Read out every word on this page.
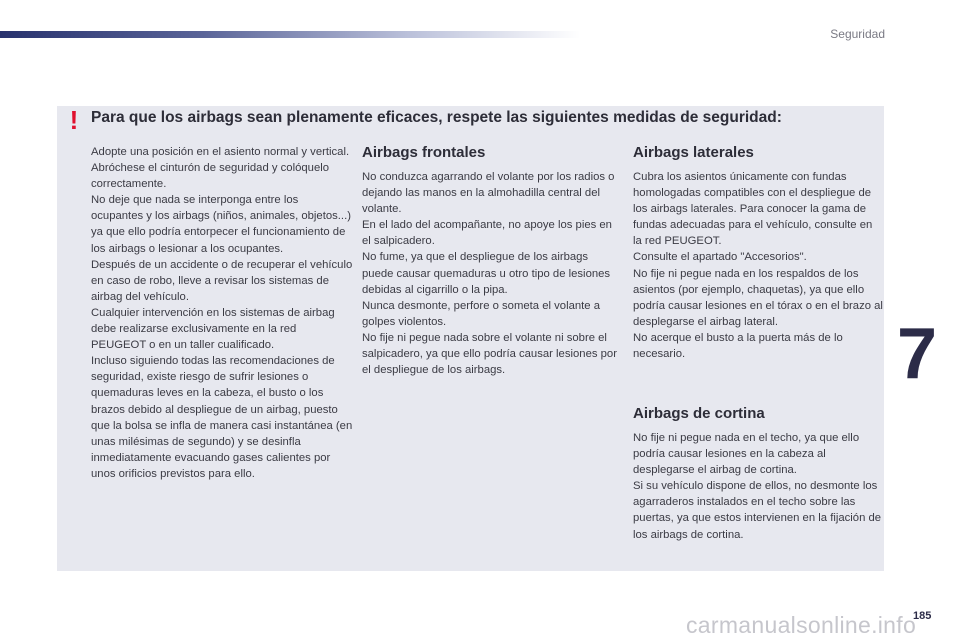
Seguridad
7
! Para que los airbags sean plenamente eficaces, respete las siguientes medidas de seguridad:

Adopte una posición en el asiento normal y vertical.

Abróchese el cinturón de seguridad y colóquelo correctamente.

No deje que nada se interponga entre los ocupantes y los airbags (niños, animales, objetos...) ya que ello podría entorpecer el funcionamiento de los airbags o lesionar a los ocupantes.

Después de un accidente o de recuperar el vehículo en caso de robo, lleve a revisar los sistemas de airbag del vehículo.

Cualquier intervención en los sistemas de airbag debe realizarse exclusivamente en la red PEUGEOT o en un taller cualificado.

Incluso siguiendo todas las recomendaciones de seguridad, existe riesgo de sufrir lesiones o quemaduras leves en la cabeza, el busto o los brazos debido al despliegue de un airbag, puesto que la bolsa se infla de manera casi instantánea (en unas milésimas de segundo) y se desinfla inmediatamente evacuando gases calientes por unos orificios previstos para ello.

Airbags frontales

No conduzca agarrando el volante por los radios o dejando las manos en la almohadilla central del volante.

En el lado del acompañante, no apoye los pies en el salpicadero.

No fume, ya que el despliegue de los airbags puede causar quemaduras u otro tipo de lesiones debidas al cigarrillo o la pipa.

Nunca desmonte, perfore o someta el volante a golpes violentos.

No fije ni pegue nada sobre el volante ni sobre el salpicadero, ya que ello podría causar lesiones por el despliegue de los airbags.

Airbags laterales

Cubra los asientos únicamente con fundas homologadas compatibles con el despliegue de los airbags laterales. Para conocer la gama de fundas adecuadas para el vehículo, consulte en la red PEUGEOT.

Consulte el apartado "Accesorios".

No fije ni pegue nada en los respaldos de los asientos (por ejemplo, chaquetas), ya que ello podría causar lesiones en el tórax o en el brazo al desplegarse el airbag lateral.

No acerque el busto a la puerta más de lo necesario.

Airbags de cortina

No fije ni pegue nada en el techo, ya que ello podría causar lesiones en la cabeza al desplegarse el airbag de cortina.

Si su vehículo dispone de ellos, no desmonte los agarraderos instalados en el techo sobre las puertas, ya que estos intervienen en la fijación de los airbags de cortina.

carmanualsonline.info
185
